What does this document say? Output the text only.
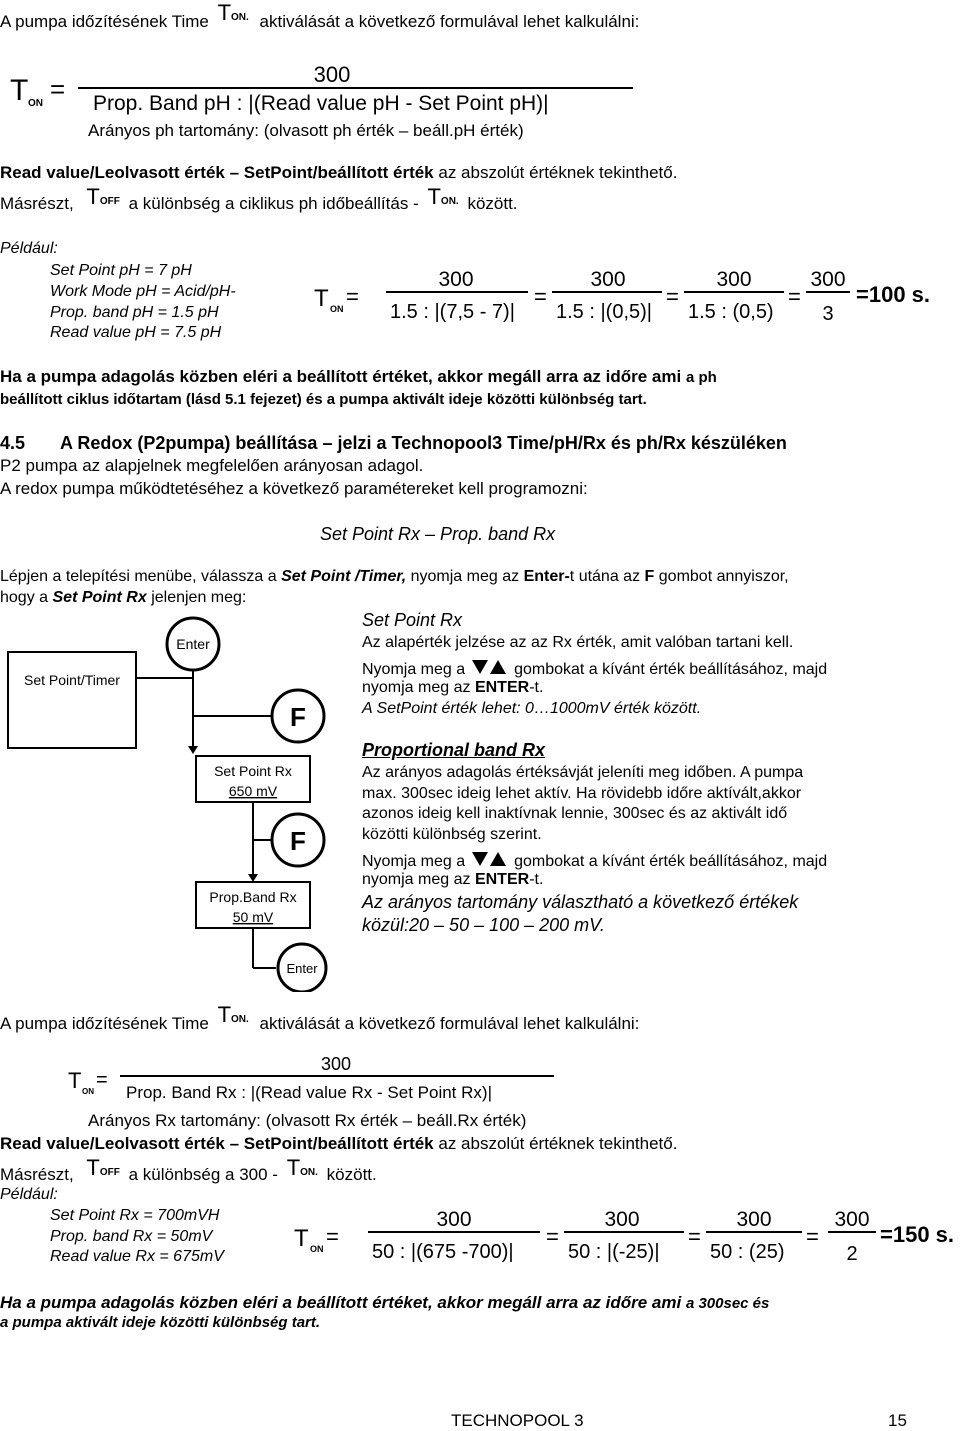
A pumpa időzítésének Time TON. aktiválását a következő formulával lehet kalkulálni:
T ON =	300
Prop. Band pH : |(Read value pH - Set Point pH)|
Arányos ph tartomány: (olvasott ph érték – beáll.pH érték)
Read value/Leolvasott érték – SetPoint/beállított érték az abszolút értéknek tekinthető.
Másrészt, TOFF a különbség a ciklikus ph időbeállítás - TON. között.
Például:
Set Point pH = 7 pH
Work Mode pH = Acid/pH-
Prop. band pH = 1.5 pH
Read value pH = 7.5 pH
T ON =
300
1.5 : |(7,5 - 7)|
=
300
1.5 : |(0,5)|
=
300
1.5 : (0,5)
=
300
3
=100 s.
Ha a pumpa adagolás közben eléri a beállított értéket, akkor megáll arra az időre ami a ph
beállított ciklus időtartam (lásd 5.1 fejezet) és a pumpa aktivált ideje közötti különbség tart.
4.5 A Redox (P2pumpa) beállítása – jelzi a Technopool3 Time/pH/Rx és ph/Rx készüléken
P2 pumpa az alapjelnek megfelelően arányosan adagol.
A redox pumpa működtetéséhez a következő paramétereket kell programozni:
Set Point Rx – Prop. band Rx
Lépjen a telepítési menübe, válassza a Set Point /Timer, nyomja meg az Enter-t utána az F gombot annyiszor,
hogy a Set Point Rx jelenjen meg:
Enter
Set Point/Timer
F
Set Point Rx
650 mV
F
Prop.Band Rx
50 mV
Enter
Set Point Rx
Az alapérték jelzése az az Rx érték, amit valóban tartani kell.
Nyomja meg a	gombokat a kívánt érték beállításához, majd
nyomja meg az ENTER-t.
A SetPoint érték lehet: 0…1000mV érték között.
Proportional band Rx
Az arányos adagolás értéksávját jeleníti meg időben. A pumpa
max. 300sec ideig lehet aktív. Ha rövidebb időre aktívált,akkor
azonos ideig kell inaktívnak lennie, 300sec és az aktivált idő
közötti különbség szerint.
Nyomja meg a	gombokat a kívánt érték beállításához, majd
nyomja meg az ENTER-t.
Az arányos tartomány választható a következő értékek
közül:20 – 50 – 100 – 200 mV.
A pumpa időzítésének Time TON. aktiválását a következő formulával lehet kalkulálni:
T ON
=
300
Prop. Band Rx : |(Read value Rx - Set Point Rx)|
Arányos Rx tartomány: (olvasott Rx érték – beáll.Rx érték)
Read value/Leolvasott érték – SetPoint/beállított érték az abszolút értéknek tekinthető.
Másrészt, TOFF a különbség a 300 - TON. között.
Például:
Set Point Rx = 700mVH
Prop. band Rx = 50mV
Read value Rx = 675mV
T ON =
300
50 : |(675 -700)|
=
300
50 : |(-25)|
=
300
50 : (25)
=
300
2
=150 s.
Ha a pumpa adagolás közben eléri a beállított értéket, akkor megáll arra az időre ami a 300sec és
a pumpa aktivált ideje közötti különbség tart.
TECHNOPOOL 3	15
